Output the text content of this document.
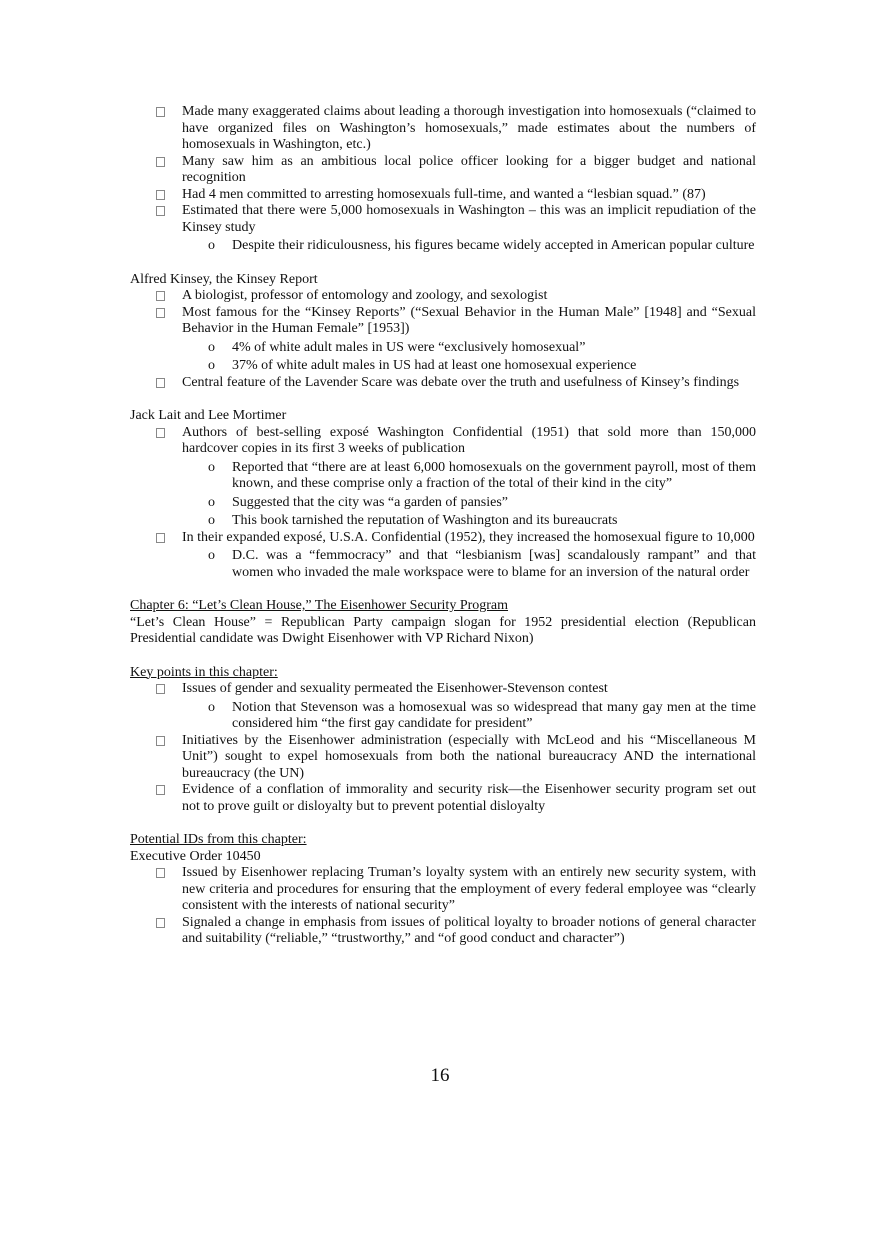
Made many exaggerated claims about leading a thorough investigation into homosexuals (“claimed to have organized files on Washington’s homosexuals,” made estimates about the numbers of homosexuals in Washington, etc.)
Many saw him as an ambitious local police officer looking for a bigger budget and national recognition
Had 4 men committed to arresting homosexuals full-time, and wanted a “lesbian squad.” (87)
Estimated that there were 5,000 homosexuals in Washington – this was an implicit repudiation of the Kinsey study
o Despite their ridiculousness, his figures became widely accepted in American popular culture
Alfred Kinsey, the Kinsey Report
A biologist, professor of entomology and zoology, and sexologist
Most famous for the “Kinsey Reports” (“Sexual Behavior in the Human Male” [1948] and “Sexual Behavior in the Human Female” [1953])
o 4% of white adult males in US were “exclusively homosexual”
o 37% of white adult males in US had at least one homosexual experience
Central feature of the Lavender Scare was debate over the truth and usefulness of Kinsey’s findings
Jack Lait and Lee Mortimer
Authors of best-selling exposé Washington Confidential (1951) that sold more than 150,000 hardcover copies in its first 3 weeks of publication
o Reported that “there are at least 6,000 homosexuals on the government payroll, most of them known, and these comprise only a fraction of the total of their kind in the city”
o Suggested that the city was “a garden of pansies”
o This book tarnished the reputation of Washington and its bureaucrats
In their expanded exposé, U.S.A. Confidential (1952), they increased the homosexual figure to 10,000
o D.C. was a “femmocracy” and that “lesbianism [was] scandalously rampant” and that women who invaded the male workspace were to blame for an inversion of the natural order
Chapter 6: “Let’s Clean House,” The Eisenhower Security Program
“Let’s Clean House” = Republican Party campaign slogan for 1952 presidential election (Republican Presidential candidate was Dwight Eisenhower with VP Richard Nixon)
Key points in this chapter:
Issues of gender and sexuality permeated the Eisenhower-Stevenson contest
o Notion that Stevenson was a homosexual was so widespread that many gay men at the time considered him “the first gay candidate for president”
Initiatives by the Eisenhower administration (especially with McLeod and his “Miscellaneous M Unit”) sought to expel homosexuals from both the national bureaucracy AND the international bureaucracy (the UN)
Evidence of a conflation of immorality and security risk—the Eisenhower security program set out not to prove guilt or disloyalty but to prevent potential disloyalty
Potential IDs from this chapter:
Executive Order 10450
Issued by Eisenhower replacing Truman’s loyalty system with an entirely new security system, with new criteria and procedures for ensuring that the employment of every federal employee was “clearly consistent with the interests of national security”
Signaled a change in emphasis from issues of political loyalty to broader notions of general character and suitability (“reliable,” “trustworthy,” and “of good conduct and character”)
16
